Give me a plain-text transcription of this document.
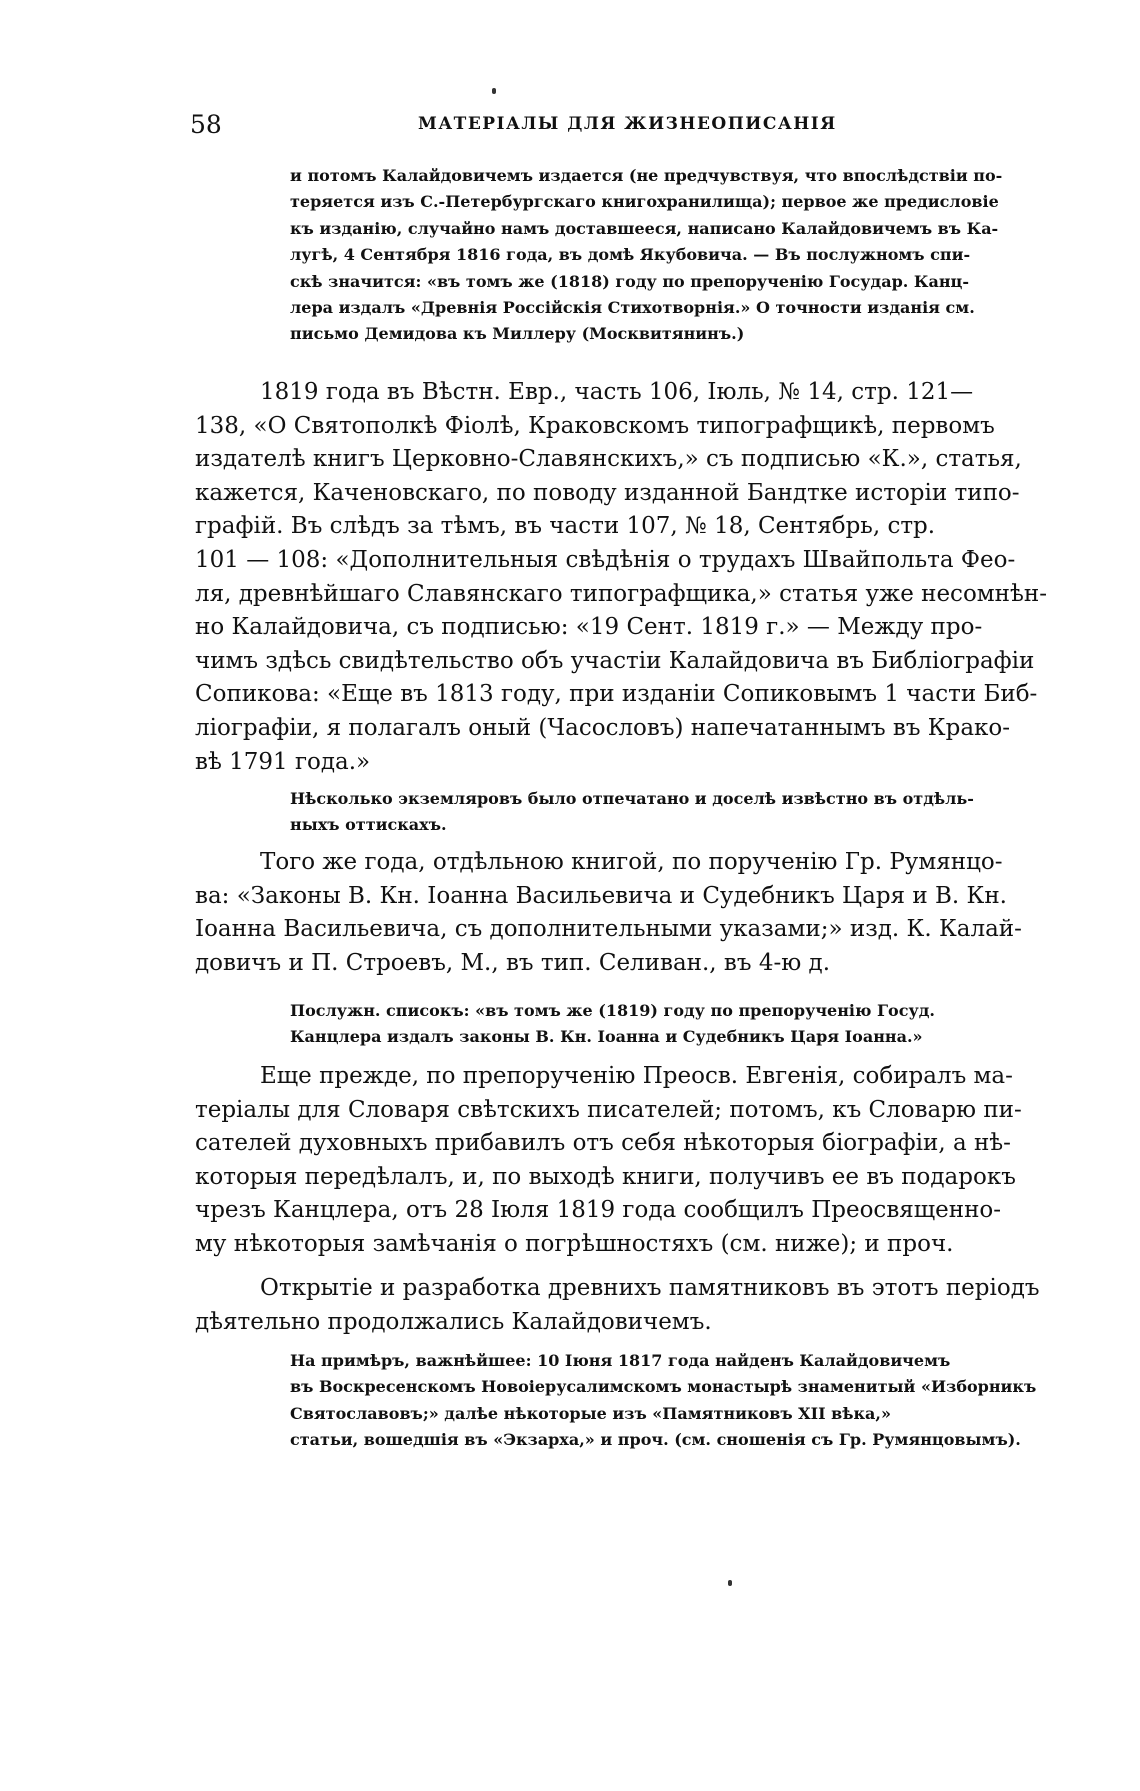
58	МАТЕРІАЛЫ ДЛЯ ЖИЗНЕОПИСАНІЯ
и потомъ Калайдовичемъ издается (не предчувствуя, что впослѣдствіи по-
теряется изъ С.-Петербургскаго книгохранилища); первое же предисловіе
къ изданію, случайно намъ доставшееся, написано Калайдовичемъ въ Ка-
лугѣ, 4 Сентября 1816 года, въ домѣ Якубовича. — Въ послужномъ спи-
скѣ значится: «въ томъ же (1818) году по препорученію Государ. Канц-
лера издалъ «Древнія Россійскія Стихотворнія.» О точности изданія см.
письмо Демидова къ Миллеру (Москвитянинъ.)
1819 года въ Вѣстн. Евр., часть 106, Іюль, № 14, стр. 121—
138, «О Святополкѣ Фіолѣ, Краковскомъ типографщикѣ, первомъ
издателѣ книгъ Церковно-Славянскихъ,» съ подписью «К.», статья,
кажется, Каченовскаго, по поводу изданной Бандтке исторіи типо-
графій. Въ слѣдъ за тѣмъ, въ части 107, № 18, Сентябрь, стр.
101 — 108: «Дополнительныя свѣдѣнія о трудахъ Швайпольта Фео-
ля, древнѣйшаго Славянскаго типографщика,» статья уже несомнѣн-
но Калайдовича, съ подписью: «19 Сент. 1819 г.» — Между про-
чимъ здѣсь свидѣтельство объ участіи Калайдовича въ Библіографіи
Сопикова: «Еще въ 1813 году, при изданіи Сопиковымъ 1 части Биб-
ліографіи, я полагалъ оный (Часословъ) напечатаннымъ въ Крако-
вѣ 1791 года.»
Нѣсколько экземляровъ было отпечатано и доселѣ извѣстно въ отдѣль-
ныхъ оттискахъ.
Того же года, отдѣльною книгой, по порученію Гр. Румянцо-
ва: «Законы В. Кн. Іоанна Васильевича и Судебникъ Царя и В. Кн.
Іоанна Васильевича, съ дополнительными указами;» изд. К. Калай-
довичъ и П. Строевъ, М., въ тип. Селиван., въ 4-ю д.
Послужн. списокъ: «въ томъ же (1819) году по препорученію Госуд.
Канцлера издалъ законы В. Кн. Іоанна и Судебникъ Царя Іоанна.»
Еще прежде, по препорученію Преосв. Евгенія, собиралъ ма-
теріалы для Словаря свѣтскихъ писателей; потомъ, къ Словарю пи-
сателей духовныхъ прибавилъ отъ себя нѣкоторыя біографіи, а нѣ-
которыя передѣлалъ, и, по выходѣ книги, получивъ ее въ подарокъ
чрезъ Канцлера, отъ 28 Іюля 1819 года сообщилъ Преосвященно-
му нѣкоторыя замѣчанія о погрѣшностяхъ (см. ниже); и проч.
Открытіе и разработка древнихъ памятниковъ въ этотъ періодъ
дѣятельно продолжались Калайдовичемъ.
На примѣръ, важнѣйшее: 10 Іюня 1817 года найденъ Калайдовичемъ
въ Воскресенскомъ Новоіерусалимскомъ монастырѣ знаменитый «Изборникъ
Святославовъ;» далѣе нѣкоторые изъ «Памятниковъ XII вѣка,»
статьи, вошедшія въ «Экзарха,» и проч. (см. сношенія съ Гр. Румянцовымъ).
